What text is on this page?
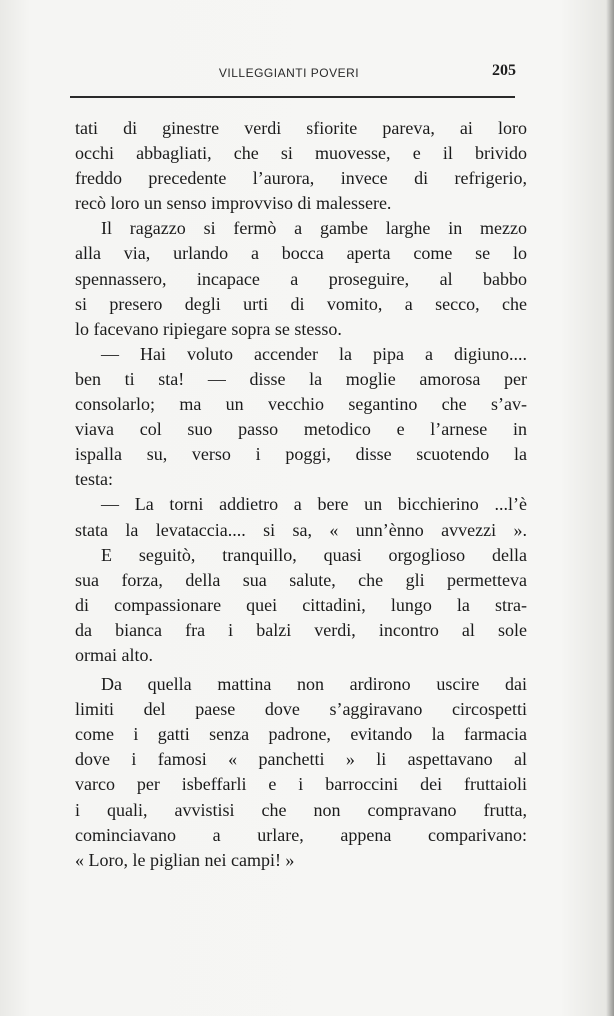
VILLEGGIANTI POVERI	205
tati di ginestre verdi sfiorite pareva, ai loro
occhi abbagliati, che si muovesse, e il brivido
freddo precedente l’aurora, invece di refrigerio,
recò loro un senso improvviso di malessere.
Il ragazzo si fermò a gambe larghe in mezzo
alla via, urlando a bocca aperta come se lo
spennassero, incapace a proseguire, al babbo
si presero degli urti di vomito, a secco, che
lo facevano ripiegare sopra se stesso.
— Hai voluto accender la pipa a digiuno....
ben ti sta! — disse la moglie amorosa per
consolarlo; ma un vecchio segantino che s’av-
viava col suo passo metodico e l’arnese in
ispalla su, verso i poggi, disse scuotendo la
testa:
— La torni addietro a bere un bicchierino ...l’è
stata la levataccia.... si sa, « unn’ènno avvezzi ».
E seguitò, tranquillo, quasi orgoglioso della
sua forza, della sua salute, che gli permetteva
di compassionare quei cittadini, lungo la stra-
da bianca fra i balzi verdi, incontro al sole
ormai alto.
Da quella mattina non ardirono uscire dai
limiti del paese dove s’aggiravano circospetti
come i gatti senza padrone, evitando la farmacia
dove i famosi « panchetti » li aspettavano al
varco per isbeffarli e i barroccini dei fruttaioli
i quali, avvistisi che non compravano frutta,
cominciavano a urlare, appena comparivano:
« Loro, le piglian nei campi! »
